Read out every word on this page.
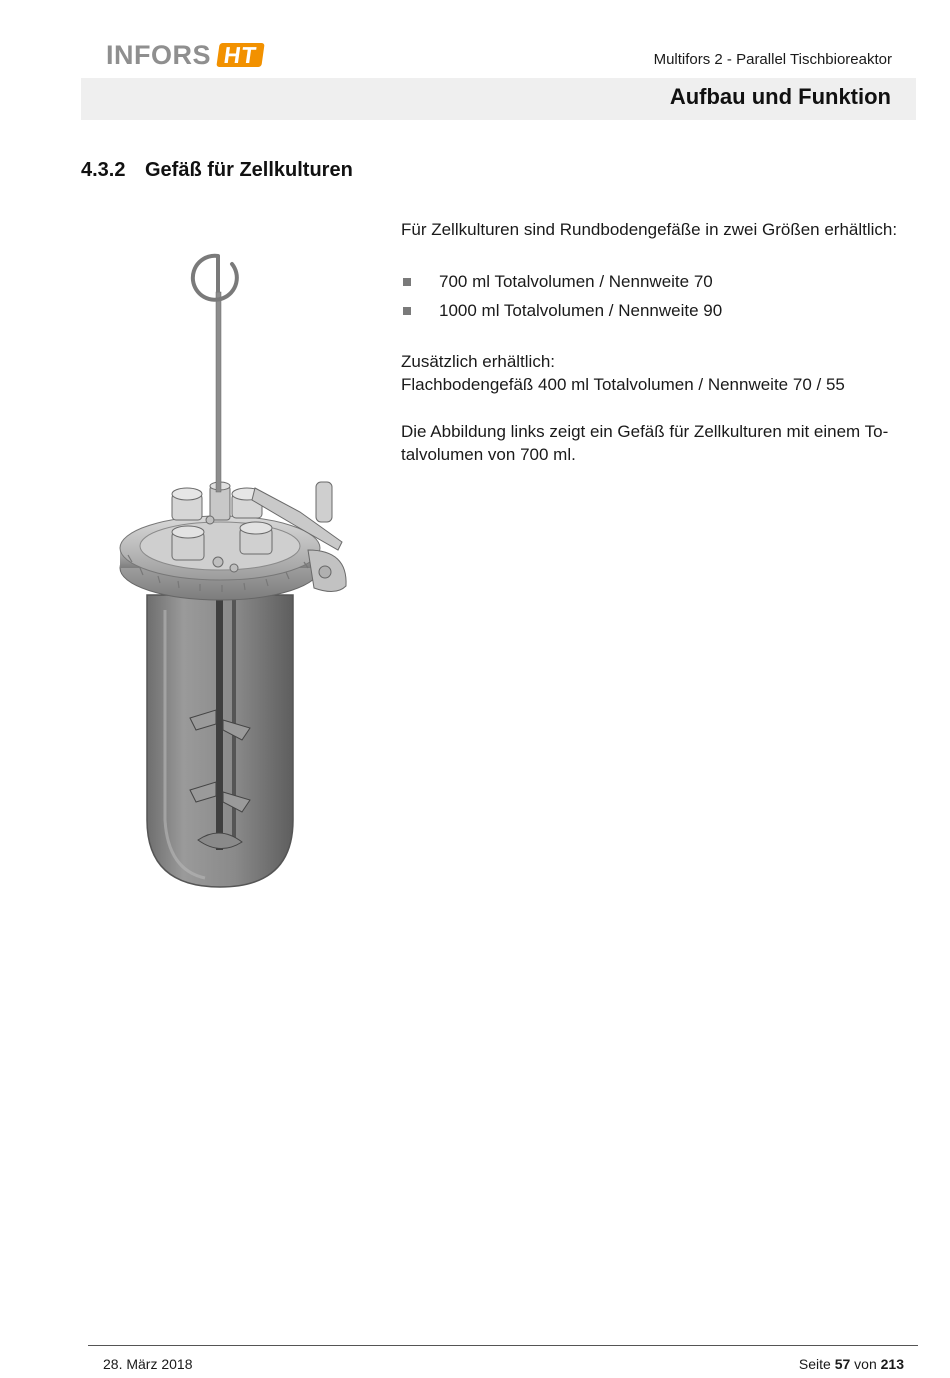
INFORS HT	Multifors 2 - Parallel Tischbioreaktor
Aufbau und Funktion
4.3.2 Gefäß für Zellkulturen

Für Zellkulturen sind Rundbodengefäße in zwei Größen erhältlich:

700 ml Totalvolumen / Nennweite 70
1000 ml Totalvolumen / Nennweite 90

Zusätzlich erhältlich:

Flachbodengefäß 400 ml Totalvolumen / Nennweite 70 / 55

Die Abbildung links zeigt ein Gefäß für Zellkulturen mit einem To-

talvolumen von 700 ml.

28. März 2018	Seite 57 von 213
